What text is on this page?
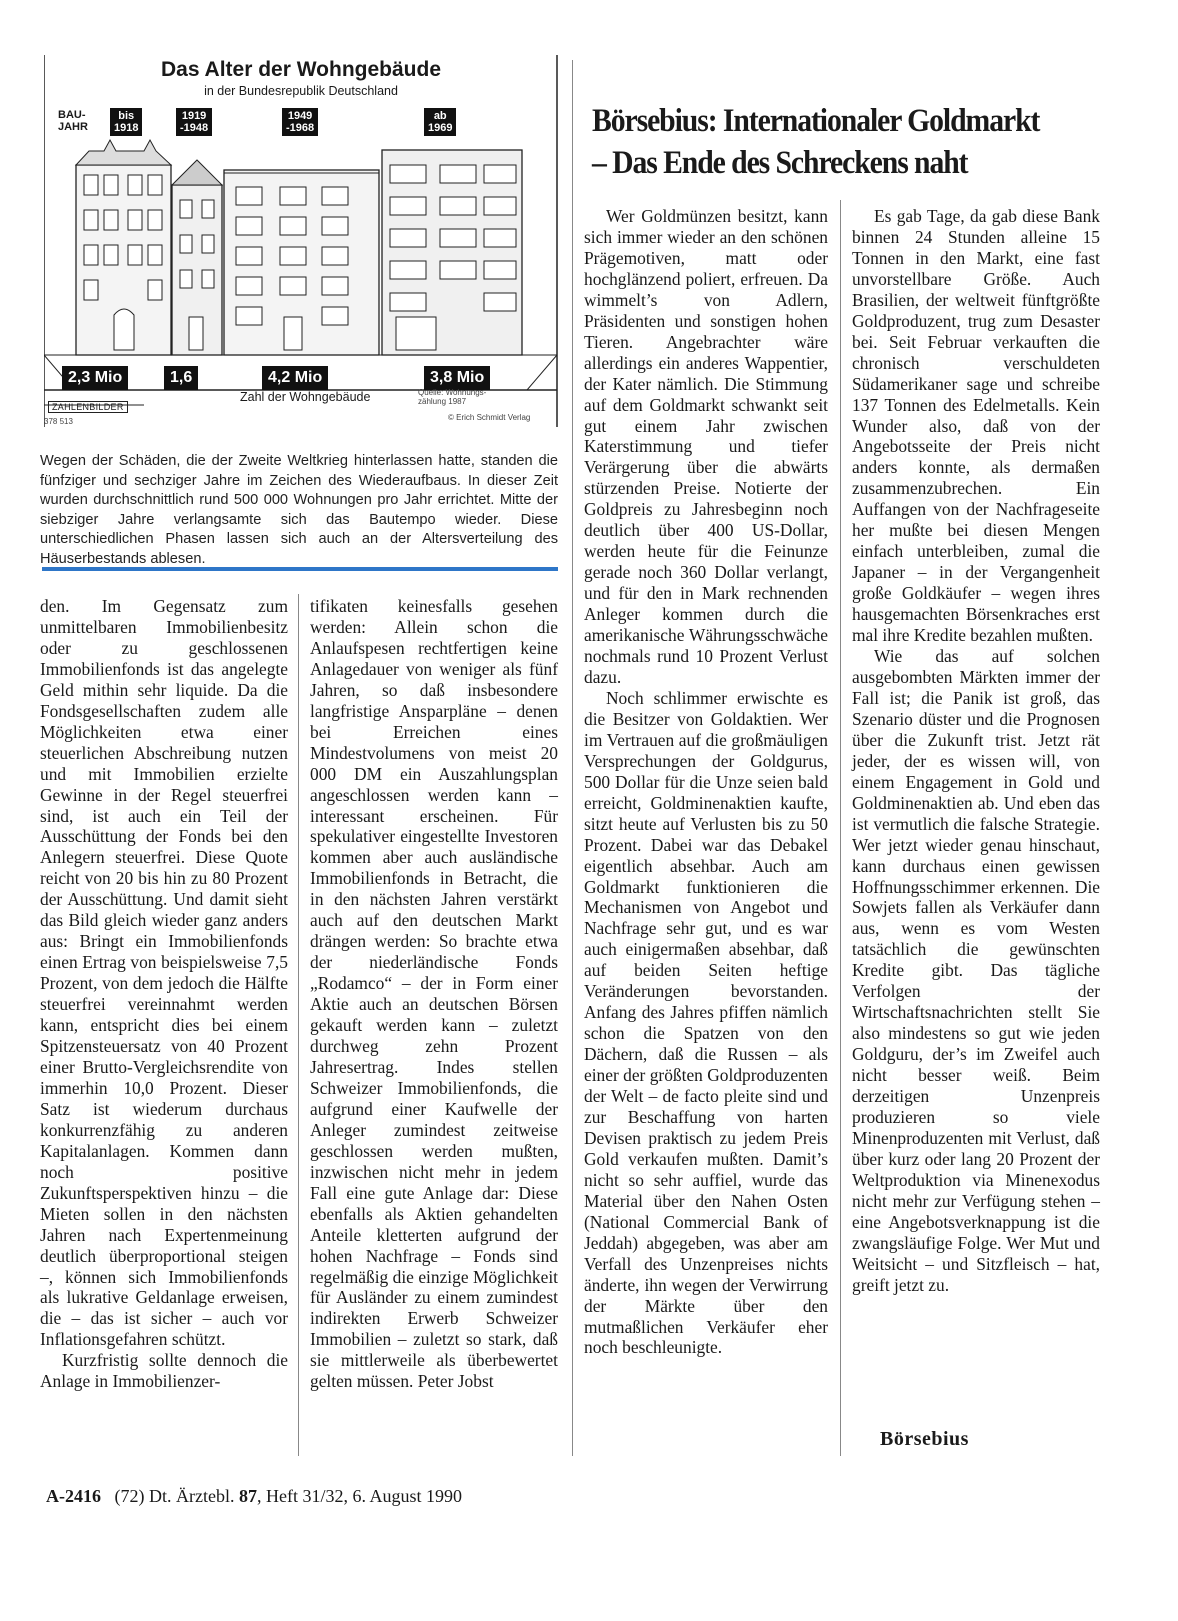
Das Alter der Wohngebäude
in der Bundesrepublik Deutschland
BAU-
JAHR
bis
1918
1919
-1948
1949
-1968
ab
1969
2,3 Mio	1,6	4,2 Mio	3,8 Mio
Zahl der Wohngebäude	Quelle: Wohnungs-
zählung 1987
© Erich Schmidt Verlag
ZAHLENBILDER
378 513
Wegen der Schäden, die der Zweite Weltkrieg hinterlassen hatte, standen die fünfziger und sechziger Jahre im Zeichen des Wiederaufbaus. In dieser Zeit wurden durchschnittlich rund 500 000 Wohnungen pro Jahr errichtet. Mitte der siebziger Jahre verlangsamte sich das Bautempo wieder. Diese unterschiedlichen Phasen lassen sich auch an der Altersverteilung des Häuserbestands ablesen.

den. Im Gegensatz zum unmittelbaren Immobilienbesitz oder zu geschlossenen Immobilienfonds ist das angelegte Geld mithin sehr liquide. Da die Fondsgesellschaften zudem alle Möglichkeiten etwa einer steuerlichen Abschreibung nutzen und mit Immobilien erzielte Gewinne in der Regel steuerfrei sind, ist auch ein Teil der Ausschüttung der Fonds bei den Anlegern steuerfrei. Diese Quote reicht von 20 bis hin zu 80 Prozent der Ausschüttung. Und damit sieht das Bild gleich wieder ganz anders aus: Bringt ein Immobilienfonds einen Ertrag von beispielsweise 7,5 Prozent, von dem jedoch die Hälfte steuerfrei vereinnahmt werden kann, entspricht dies bei einem Spitzensteuersatz von 40 Prozent einer Brutto-Vergleichsrendite von immerhin 10,0 Prozent. Dieser Satz ist wiederum durchaus konkurrenzfähig zu anderen Kapitalanlagen. Kommen dann noch positive Zukunftsperspektiven hinzu – die Mieten sollen in den nächsten Jahren nach Expertenmeinung deutlich überproportional steigen –, können sich Immobilienfonds als lukrative Geldanlage erweisen, die – das ist sicher – auch vor Inflationsgefahren schützt.

Kurzfristig sollte dennoch die Anlage in Immobilienzer-

tifikaten keinesfalls gesehen werden: Allein schon die Anlaufspesen rechtfertigen keine Anlagedauer von weniger als fünf Jahren, so daß insbesondere langfristige Ansparpläne – denen bei Erreichen eines Mindestvolumens von meist 20 000 DM ein Auszahlungsplan angeschlossen werden kann – interessant erscheinen. Für spekulativer eingestellte Investoren kommen aber auch ausländische Immobilienfonds in Betracht, die in den nächsten Jahren verstärkt auch auf den deutschen Markt drängen werden: So brachte etwa der niederländische Fonds „Rodamco“ – der in Form einer Aktie auch an deutschen Börsen gekauft werden kann – zuletzt durchweg zehn Prozent Jahresertrag. Indes stellen Schweizer Immobilienfonds, die aufgrund einer Kaufwelle der Anleger zumindest zeitweise geschlossen werden mußten, inzwischen nicht mehr in jedem Fall eine gute Anlage dar: Diese ebenfalls als Aktien gehandelten Anteile kletterten aufgrund der hohen Nachfrage – Fonds sind regelmäßig die einzige Möglichkeit für Ausländer zu einem zumindest indirekten Erwerb Schweizer Immobilien – zuletzt so stark, daß sie mittlerweile als überbewertet gelten müssen. Peter Jobst

Börsebius: Internationaler Goldmarkt
– Das Ende des Schreckens naht

Wer Goldmünzen besitzt, kann sich immer wieder an den schönen Prägemotiven, matt oder hochglänzend poliert, erfreuen. Da wimmelt’s von Adlern, Präsidenten und sonstigen hohen Tieren. Angebrachter wäre allerdings ein anderes Wappentier, der Kater nämlich. Die Stimmung auf dem Goldmarkt schwankt seit gut einem Jahr zwischen Katerstimmung und tiefer Verärgerung über die abwärts stürzenden Preise. Notierte der Goldpreis zu Jahresbeginn noch deutlich über 400 US-Dollar, werden heute für die Feinunze gerade noch 360 Dollar verlangt, und für den in Mark rechnenden Anleger kommen durch die amerikanische Währungsschwäche nochmals rund 10 Prozent Verlust dazu.

Noch schlimmer erwischte es die Besitzer von Goldaktien. Wer im Vertrauen auf die großmäuligen Versprechungen der Goldgurus, 500 Dollar für die Unze seien bald erreicht, Goldminenaktien kaufte, sitzt heute auf Verlusten bis zu 50 Prozent. Dabei war das Debakel eigentlich absehbar. Auch am Goldmarkt funktionieren die Mechanismen von Angebot und Nachfrage sehr gut, und es war auch einigermaßen absehbar, daß auf beiden Seiten heftige Veränderungen bevorstanden. Anfang des Jahres pfiffen nämlich schon die Spatzen von den Dächern, daß die Russen – als einer der größten Goldproduzenten der Welt – de facto pleite sind und zur Beschaffung von harten Devisen praktisch zu jedem Preis Gold verkaufen mußten. Damit’s nicht so sehr auffiel, wurde das Material über den Nahen Osten (National Commercial Bank of Jeddah) abgegeben, was aber am Verfall des Unzenpreises nichts änderte, ihn wegen der Verwirrung der Märkte über den mutmaßlichen Verkäufer eher noch beschleunigte.

Es gab Tage, da gab diese Bank binnen 24 Stunden alleine 15 Tonnen in den Markt, eine fast unvorstellbare Größe. Auch Brasilien, der weltweit fünftgrößte Goldproduzent, trug zum Desaster bei. Seit Februar verkauften die chronisch verschuldeten Südamerikaner sage und schreibe 137 Tonnen des Edelmetalls. Kein Wunder also, daß von der Angebotsseite der Preis nicht anders konnte, als dermaßen zusammenzubrechen. Ein Auffangen von der Nachfrageseite her mußte bei diesen Mengen einfach unterbleiben, zumal die Japaner – in der Vergangenheit große Goldkäufer – wegen ihres hausgemachten Börsenkraches erst mal ihre Kredite bezahlen mußten.

Wie das auf solchen ausgebombten Märkten immer der Fall ist; die Panik ist groß, das Szenario düster und die Prognosen über die Zukunft trist. Jetzt rät jeder, der es wissen will, von einem Engagement in Gold und Goldminenaktien ab. Und eben das ist vermutlich die falsche Strategie. Wer jetzt wieder genau hinschaut, kann durchaus einen gewissen Hoffnungsschimmer erkennen. Die Sowjets fallen als Verkäufer dann aus, wenn es vom Westen tatsächlich die gewünschten Kredite gibt. Das tägliche Verfolgen der Wirtschaftsnachrichten stellt Sie also mindestens so gut wie jeden Goldguru, der’s im Zweifel auch nicht besser weiß. Beim derzeitigen Unzenpreis produzieren so viele Minenproduzenten mit Verlust, daß über kurz oder lang 20 Prozent der Weltproduktion via Minenexodus nicht mehr zur Verfügung stehen – eine Angebotsverknappung ist die zwangsläufige Folge. Wer Mut und Weitsicht – und Sitzfleisch – hat, greift jetzt zu.

Börsebius
A-2416 (72) Dt. Ärztebl. 87, Heft 31/32, 6. August 1990
